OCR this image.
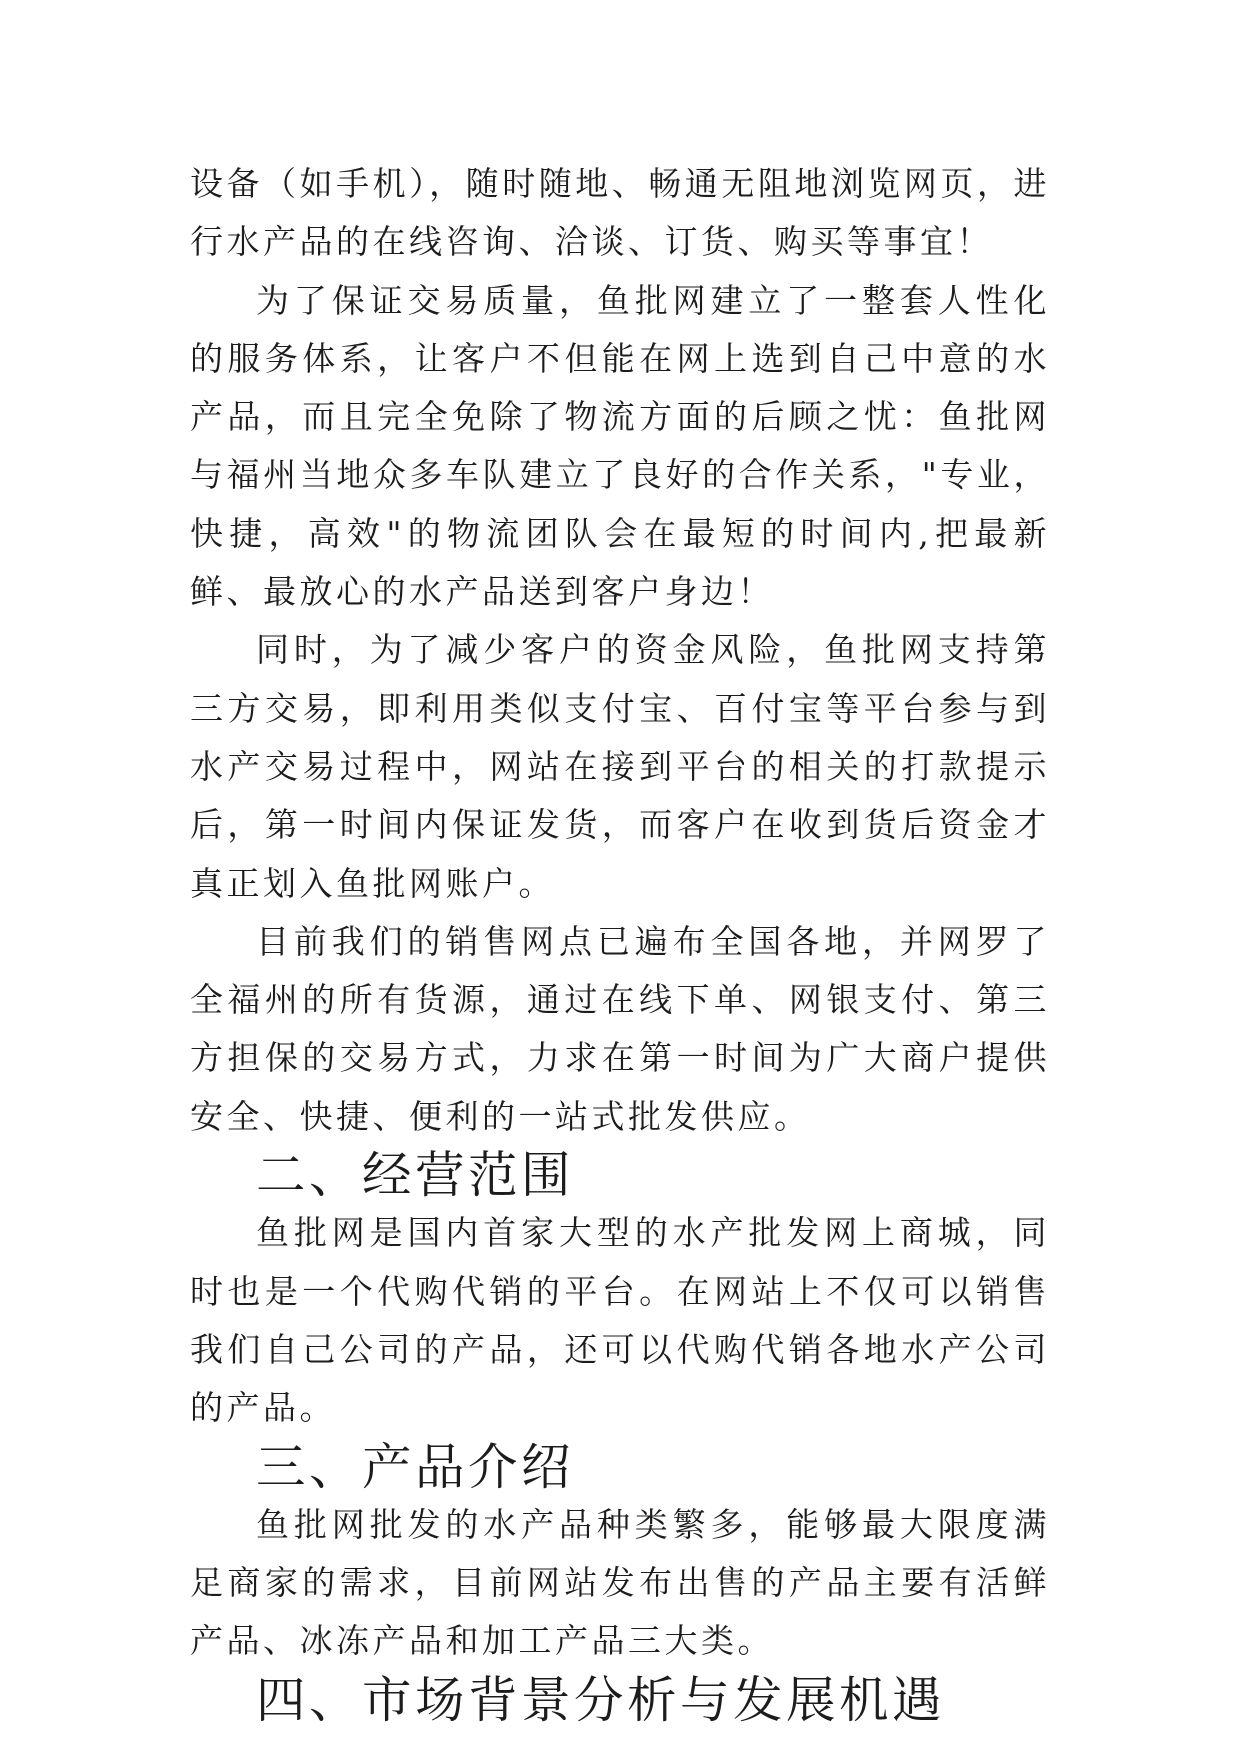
设备（如手机），随时随地、畅通无阻地浏览网页，进行水产品的在线咨询、洽谈、订货、购买等事宜！

为了保证交易质量，鱼批网建立了一整套人性化的服务体系，让客户不但能在网上选到自己中意的水产品，而且完全免除了物流方面的后顾之忧：鱼批网与福州当地众多车队建立了良好的合作关系，"专业，快捷，高效"的物流团队会在最短的时间内,把最新鲜、最放心的水产品送到客户身边！

同时，为了减少客户的资金风险，鱼批网支持第三方交易，即利用类似支付宝、百付宝等平台参与到水产交易过程中，网站在接到平台的相关的打款提示后，第一时间内保证发货，而客户在收到货后资金才真正划入鱼批网账户。

目前我们的销售网点已遍布全国各地，并网罗了全福州的所有货源，通过在线下单、网银支付、第三方担保的交易方式，力求在第一时间为广大商户提供安全、快捷、便利的一站式批发供应。

二、经营范围

鱼批网是国内首家大型的水产批发网上商城，同时也是一个代购代销的平台。在网站上不仅可以销售我们自己公司的产品，还可以代购代销各地水产公司的产品。

三、产品介绍

鱼批网批发的水产品种类繁多，能够最大限度满足商家的需求，目前网站发布出售的产品主要有活鲜产品、冰冻产品和加工产品三大类。

四、市场背景分析与发展机遇
